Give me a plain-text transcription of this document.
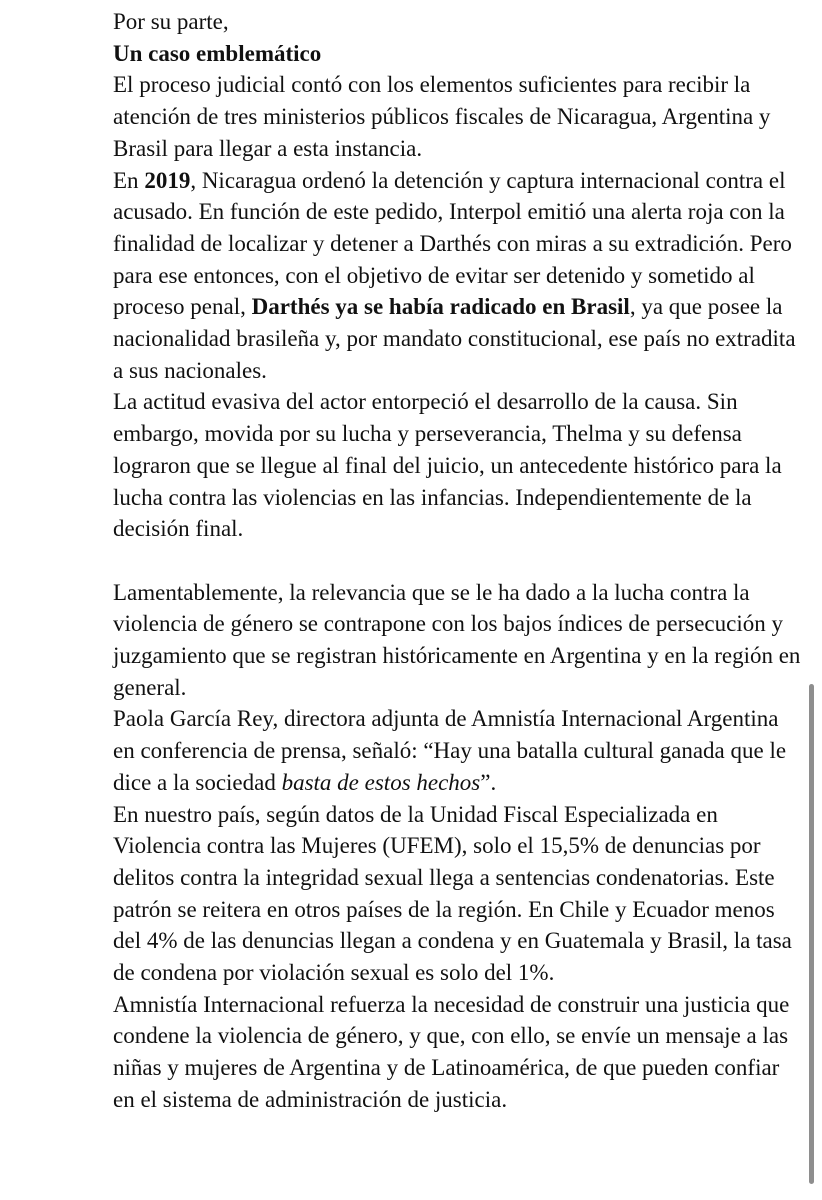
Por su parte,

Un caso emblemático

El proceso judicial contó con los elementos suficientes para recibir la atención de tres ministerios públicos fiscales de Nicaragua, Argentina y Brasil para llegar a esta instancia.

En 2019, Nicaragua ordenó la detención y captura internacional contra el acusado. En función de este pedido, Interpol emitió una alerta roja con la finalidad de localizar y detener a Darthés con miras a su extradición. Pero para ese entonces, con el objetivo de evitar ser detenido y sometido al proceso penal, Darthés ya se había radicado en Brasil, ya que posee la nacionalidad brasileña y, por mandato constitucional, ese país no extradita a sus nacionales.

La actitud evasiva del actor entorpeció el desarrollo de la causa. Sin embargo, movida por su lucha y perseverancia, Thelma y su defensa lograron que se llegue al final del juicio, un antecedente histórico para la lucha contra las violencias en las infancias. Independientemente de la decisión final.

Lamentablemente, la relevancia que se le ha dado a la lucha contra la violencia de género se contrapone con los bajos índices de persecución y juzgamiento que se registran históricamente en Argentina y en la región en general.

Paola García Rey, directora adjunta de Amnistía Internacional Argentina en conferencia de prensa, señaló: “Hay una batalla cultural ganada que le dice a la sociedad basta de estos hechos”.

En nuestro país, según datos de la Unidad Fiscal Especializada en Violencia contra las Mujeres (UFEM), solo el 15,5% de denuncias por delitos contra la integridad sexual llega a sentencias condenatorias. Este patrón se reitera en otros países de la región. En Chile y Ecuador menos del 4% de las denuncias llegan a condena y en Guatemala y Brasil, la tasa de condena por violación sexual es solo del 1%.

Amnistía Internacional refuerza la necesidad de construir una justicia que condene la violencia de género, y que, con ello, se envíe un mensaje a las niñas y mujeres de Argentina y de Latinoamérica, de que pueden confiar en el sistema de administración de justicia.
